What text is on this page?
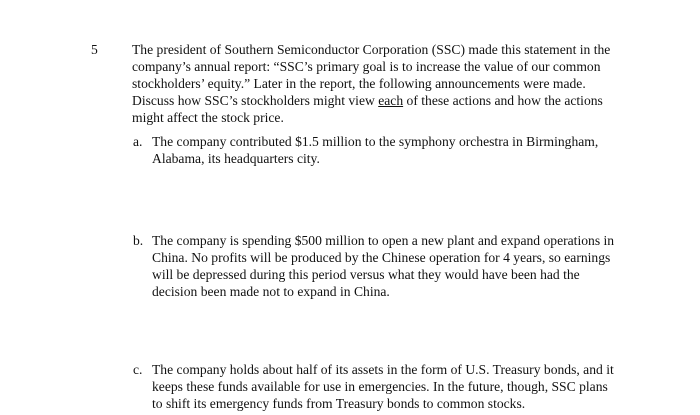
5	The president of Southern Semiconductor Corporation (SSC) made this statement in the
company’s annual report: “SSC’s primary goal is to increase the value of our common
stockholders’ equity.” Later in the report, the following announcements were made.
Discuss how SSC’s stockholders might view each of these actions and how the actions
might affect the stock price.
a. The company contributed $1.5 million to the symphony orchestra in Birmingham,
Alabama, its headquarters city.
b. The company is spending $500 million to open a new plant and expand operations in
China. No profits will be produced by the Chinese operation for 4 years, so earnings
will be depressed during this period versus what they would have been had the
decision been made not to expand in China.
c. The company holds about half of its assets in the form of U.S. Treasury bonds, and it
keeps these funds available for use in emergencies. In the future, though, SSC plans
to shift its emergency funds from Treasury bonds to common stocks.
